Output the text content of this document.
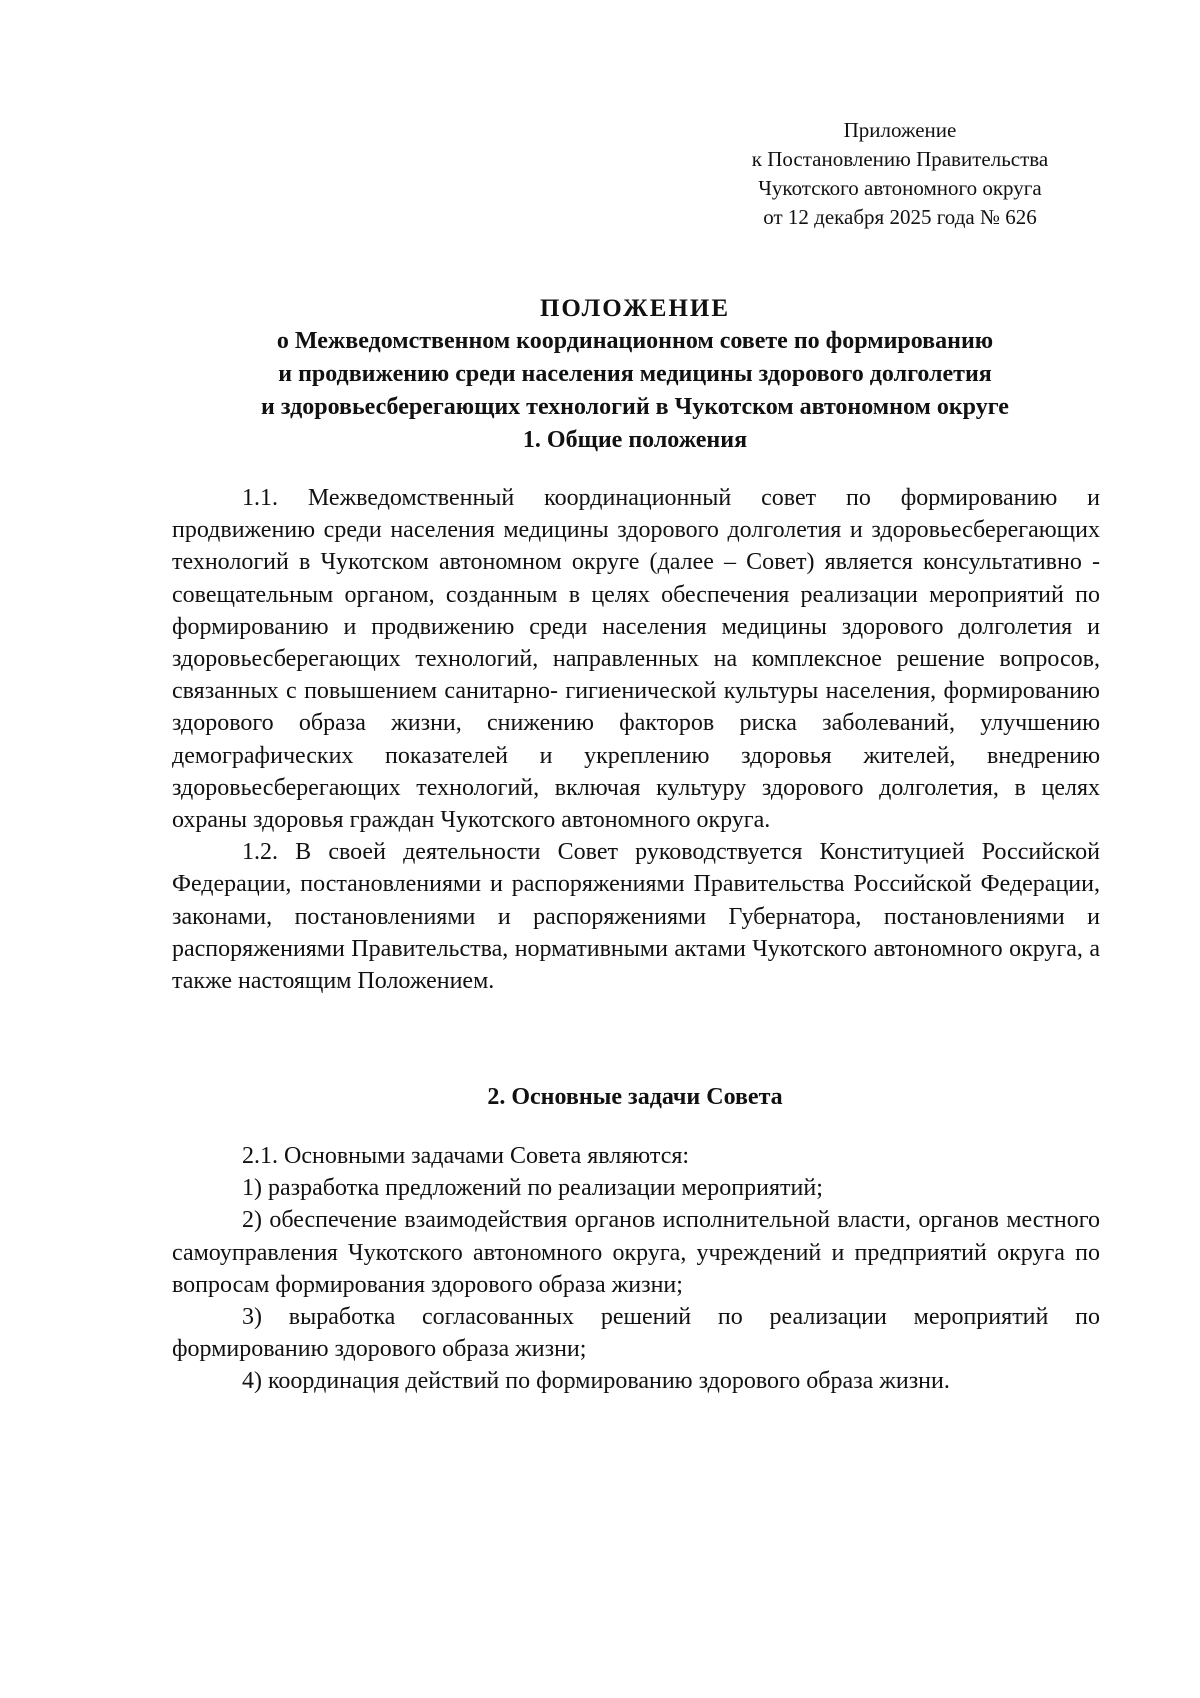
Приложение
к Постановлению Правительства
Чукотского автономного округа
от 12 декабря 2025 года № 626
ПОЛОЖЕНИЕ
о Межведомственном координационном совете по формированию
и продвижению среди населения медицины здорового долголетия
и здоровьесберегающих технологий в Чукотском автономном округе
1. Общие положения

1.1. Межведомственный координационный совет по формированию и продвижению среди населения медицины здорового долголетия и здоровьесберегающих технологий в Чукотском автономном округе (далее – Совет) является консультативно - совещательным органом, созданным в целях обеспечения реализации мероприятий по формированию и продвижению среди населения медицины здорового долголетия и здоровьесберегающих технологий, направленных на комплексное решение вопросов, связанных с повышением санитарно- гигиенической культуры населения, формированию здорового образа жизни, снижению факторов риска заболеваний, улучшению демографических показателей и укреплению здоровья жителей, внедрению здоровьесберегающих технологий, включая культуру здорового долголетия, в целях охраны здоровья граждан Чукотского автономного округа.

1.2. В своей деятельности Совет руководствуется Конституцией Российской Федерации, постановлениями и распоряжениями Правительства Российской Федерации, законами, постановлениями и распоряжениями Губернатора, постановлениями и распоряжениями Правительства, нормативными актами Чукотского автономного округа, а также настоящим Положением.

2. Основные задачи Совета

2.1. Основными задачами Совета являются:

1) разработка предложений по реализации мероприятий;

2) обеспечение взаимодействия органов исполнительной власти, органов местного самоуправления Чукотского автономного округа, учреждений и предприятий округа по вопросам формирования здорового образа жизни;

3) выработка согласованных решений по реализации мероприятий по формированию здорового образа жизни;

4) координация действий по формированию здорового образа жизни.
